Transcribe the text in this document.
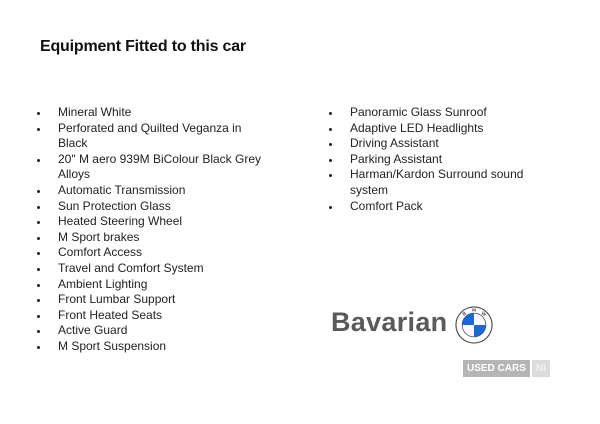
Equipment Fitted to this car
Mineral White
Perforated and Quilted Veganza in Black
20" M aero 939M BiColour Black Grey Alloys
Automatic Transmission
Sun Protection Glass
Heated Steering Wheel
M Sport brakes
Comfort Access
Travel and Comfort System
Ambient Lighting
Front Lumbar Support
Front Heated Seats
Active Guard
M Sport Suspension
Panoramic Glass Sunroof
Adaptive LED Headlights
Driving Assistant
Parking Assistant
Harman/Kardon Surround sound system
Comfort Pack
Bavarian	B
M
W
USED CARS	NI
